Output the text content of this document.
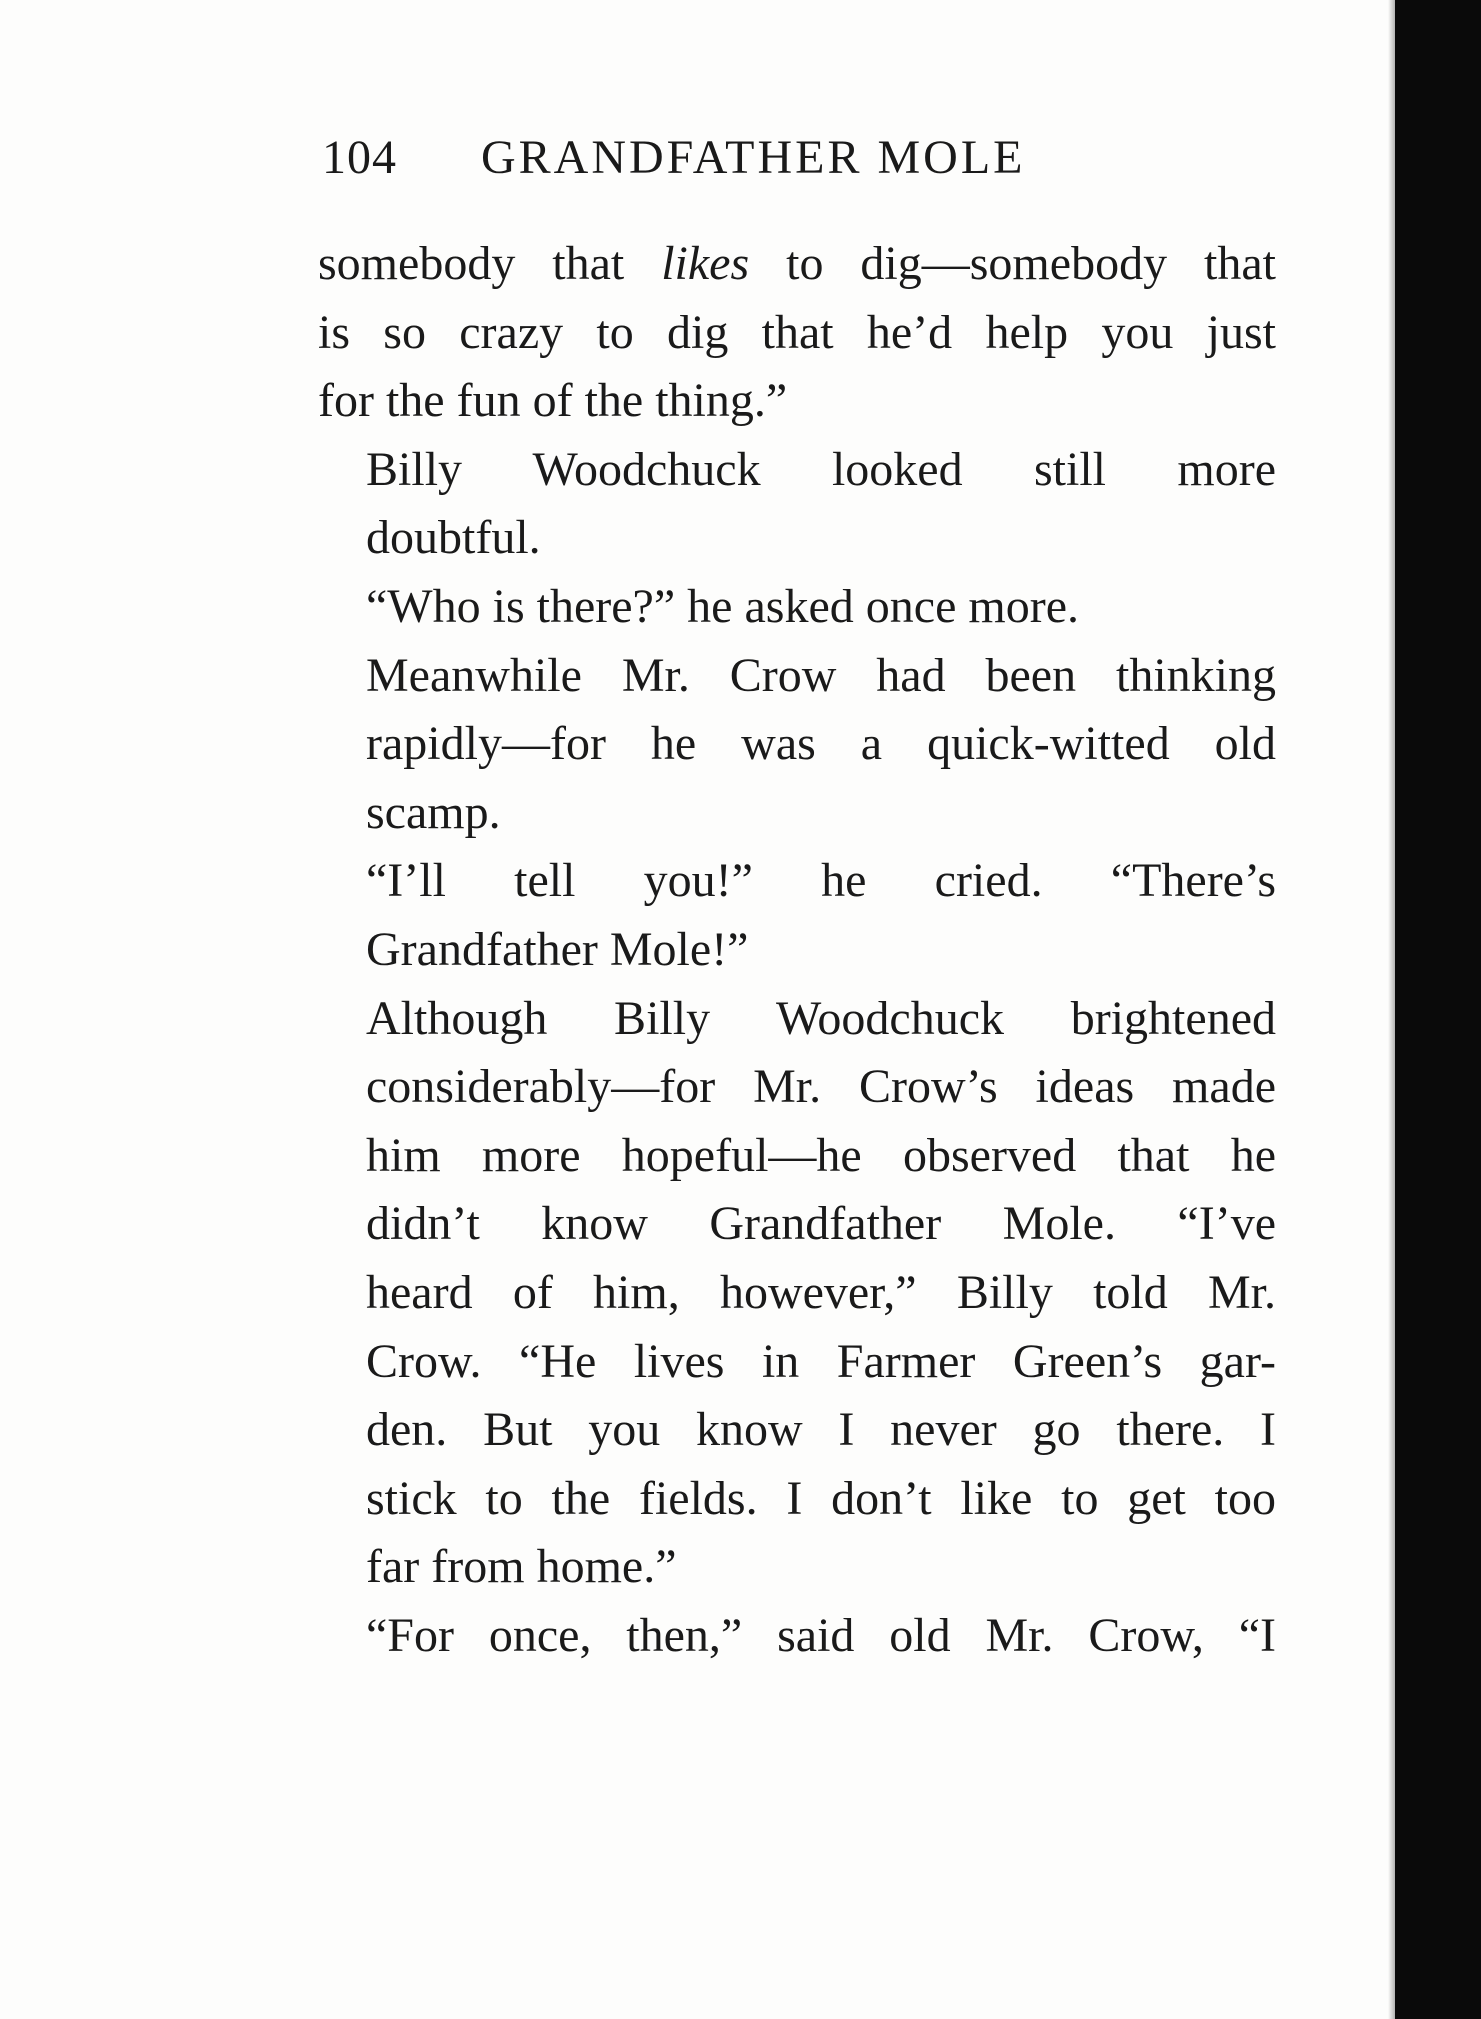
104 GRANDFATHER MOLE

somebody that likes to dig—somebody that
is so crazy to dig that he’d help you just
for the fun of the thing.”

Billy Woodchuck looked still more
doubtful.

“Who is there?” he asked once more.

Meanwhile Mr. Crow had been thinking
rapidly—for he was a quick-witted old
scamp.

“I’ll tell you!” he cried. “There’s
Grandfather Mole!”

Although Billy Woodchuck brightened
considerably—for Mr. Crow’s ideas made
him more hopeful—he observed that he
didn’t know Grandfather Mole. “I’ve
heard of him, however,” Billy told Mr.
Crow. “He lives in Farmer Green’s gar-
den. But you know I never go there. I
stick to the fields. I don’t like to get too
far from home.”

“For once, then,” said old Mr. Crow, “I
